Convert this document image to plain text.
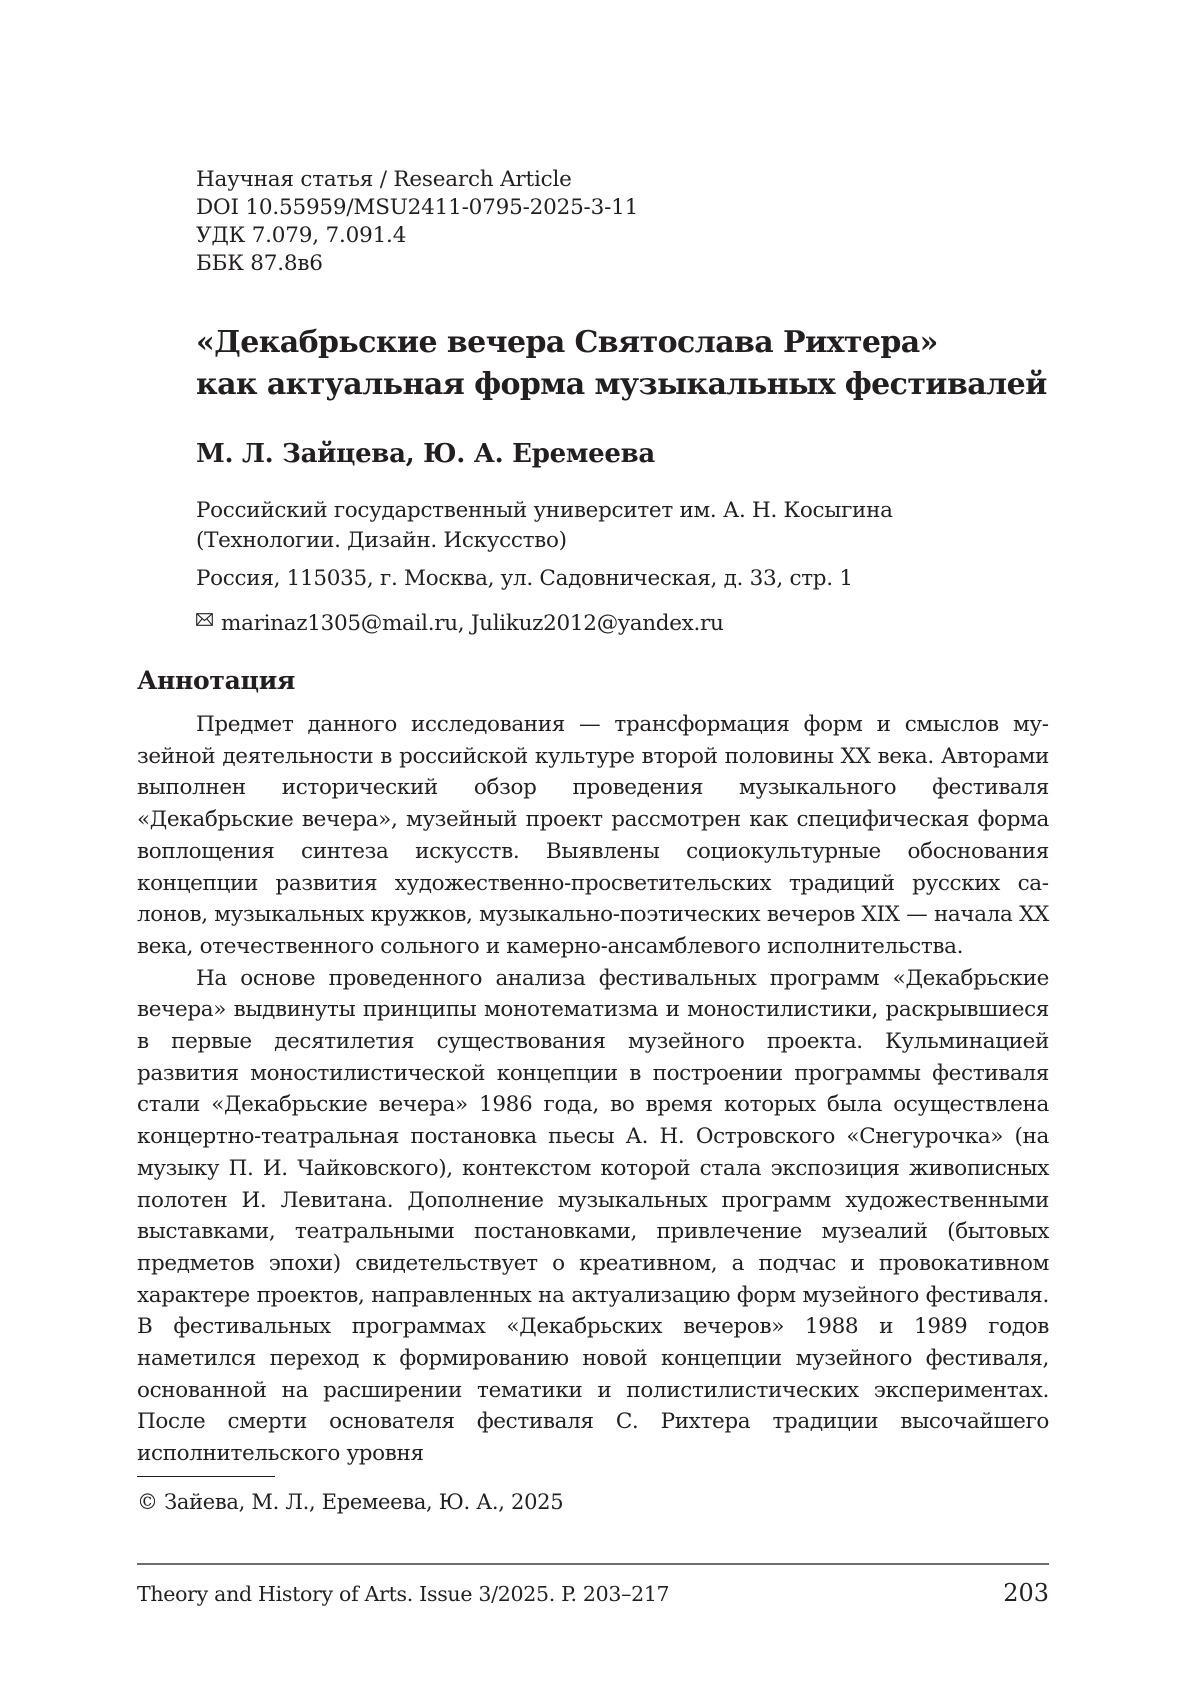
Научная статья / Research Article
DOI 10.55959/MSU2411-0795-2025-3-11
УДК 7.079, 7.091.4
ББК 87.8в6
«Декабрьские вечера Святослава Рихтера»
как актуальная форма музыкальных фестивалей
М. Л. Зайцева, Ю. А. Еремеева
Российский государственный университет им. А. Н. Косыгина
(Технологии. Дизайн. Искусство)
Россия, 115035, г. Москва, ул. Садовническая, д. 33, стр. 1
marinaz1305@mail.ru, Julikuz2012@yandex.ru
Аннотация

Предмет данного исследования — трансформация форм и смыслов музейной деятельности в российской культуре второй половины XX века. Авторами выполнен исторический обзор проведения музыкального фестиваля «Декабрьские вечера», музейный проект рассмотрен как специфическая форма воплощения синтеза искусств. Выявлены социокультурные обоснования концепции развития художественно-просветительских традиций русских салонов, музыкальных кружков, музыкально-поэтических вечеров XIX — начала XX века, отечественного сольного и камерно-ансамблевого исполнительства.

На основе проведенного анализа фестивальных программ «Декабрьские вечера» выдвинуты принципы монотематизма и моностилистики, раскрывшиеся в первые десятилетия существования музейного проекта. Кульминацией развития моностилистической концепции в построении программы фестиваля стали «Декабрьские вечера» 1986 года, во время которых была осуществлена концертно-театральная постановка пьесы А. Н. Островского «Снегурочка» (на музыку П. И. Чайковского), контекстом которой стала экспозиция живописных полотен И. Левитана. Дополнение музыкальных программ художественными выставками, театральными постановками, привлечение музеалий (бытовых предметов эпохи) свидетельствует о креативном, а подчас и провокативном характере проектов, направленных на актуализацию форм музейного фестиваля. В фестивальных программах «Декабрьских вечеров» 1988 и 1989 годов наметился переход к формированию новой концепции музейного фестиваля, основанной на расширении тематики и полистилистических экспериментах. После смерти основателя фестиваля С. Рихтера традиции высочайшего исполнительского уровня

© Зайева, М. Л., Еремеева, Ю. А., 2025
Theory and History of Arts. Issue 3/2025. P. 203–217	203
